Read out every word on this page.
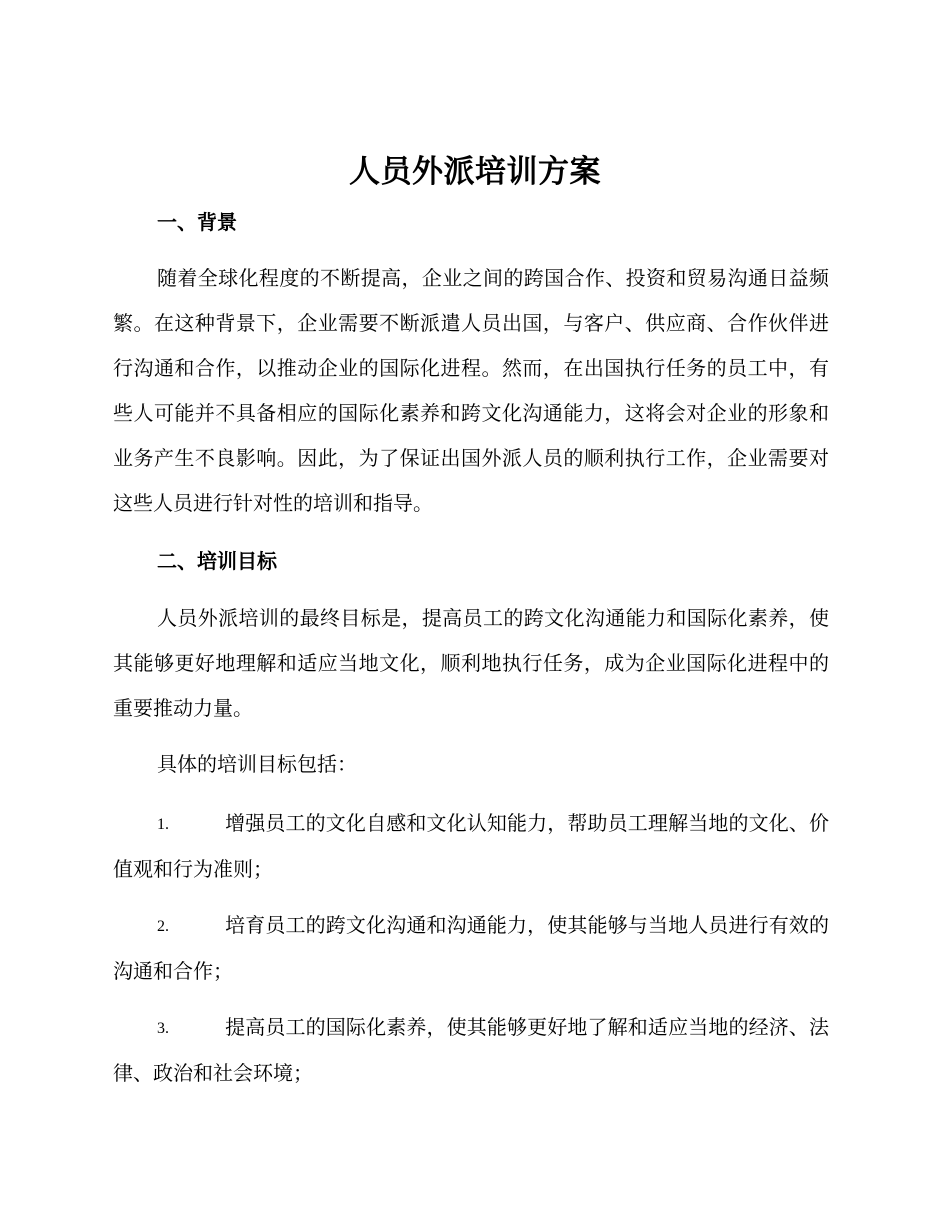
人员外派培训方案
一、背景
随着全球化程度的不断提高，企业之间的跨国合作、投资和贸易沟通日益频繁。在这种背景下，企业需要不断派遣人员出国，与客户、供应商、合作伙伴进行沟通和合作，以推动企业的国际化进程。然而，在出国执行任务的员工中，有些人可能并不具备相应的国际化素养和跨文化沟通能力，这将会对企业的形象和业务产生不良影响。因此，为了保证出国外派人员的顺利执行工作，企业需要对这些人员进行针对性的培训和指导。
二、培训目标
人员外派培训的最终目标是，提高员工的跨文化沟通能力和国际化素养，使其能够更好地理解和适应当地文化，顺利地执行任务，成为企业国际化进程中的重要推动力量。
具体的培训目标包括：
1.	增强员工的文化自感和文化认知能力，帮助员工理解当地的文化、价值观和行为准则；
2.	培育员工的跨文化沟通和沟通能力，使其能够与当地人员进行有效的沟通和合作；
3.	提高员工的国际化素养，使其能够更好地了解和适应当地的经济、法律、政治和社会环境；
